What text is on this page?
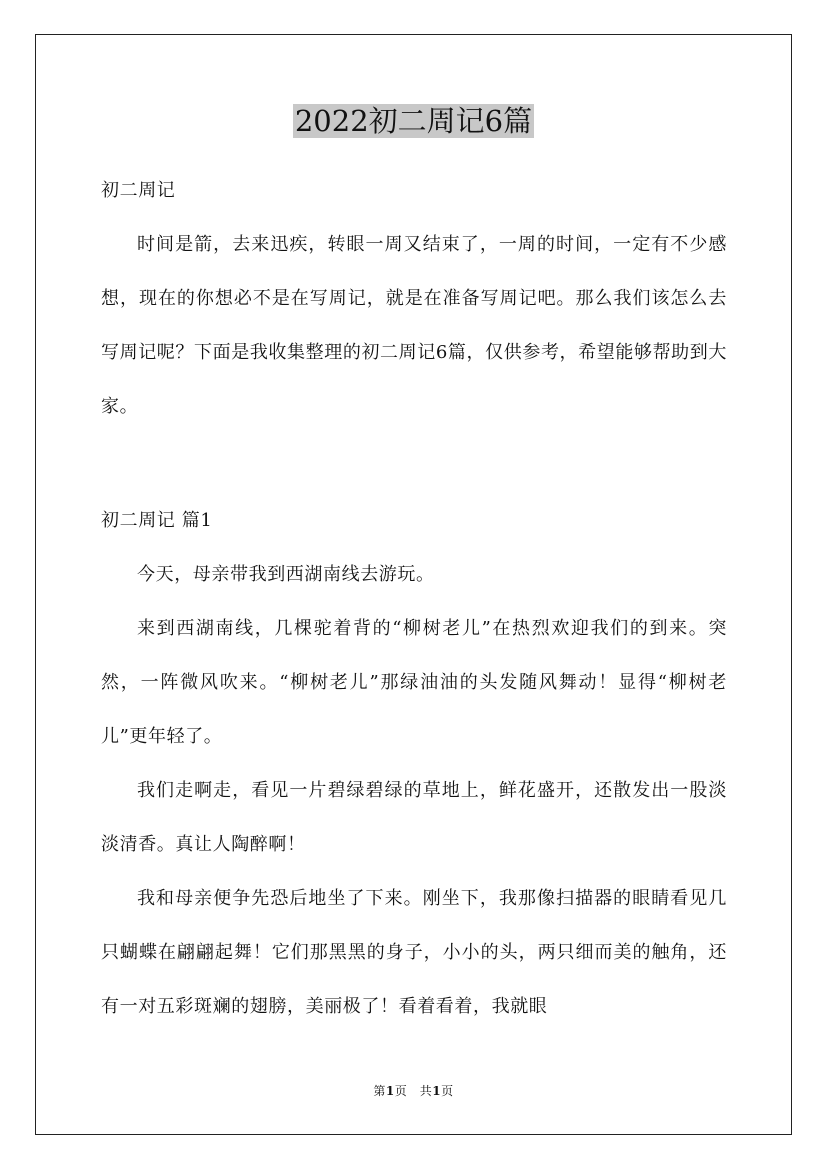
2022初二周记6篇

初二周记

时间是箭，去来迅疾，转眼一周又结束了，一周的时间，一定有不少感想，现在的你想必不是在写周记，就是在准备写周记吧。那么我们该怎么去写周记呢？下面是我收集整理的初二周记6篇，仅供参考，希望能够帮助到大家。

初二周记 篇1

今天，母亲带我到西湖南线去游玩。

来到西湖南线，几棵驼着背的“柳树老儿”在热烈欢迎我们的到来。突然，一阵微风吹来。“柳树老儿”那绿油油的头发随风舞动！显得“柳树老儿”更年轻了。

我们走啊走，看见一片碧绿碧绿的草地上，鲜花盛开，还散发出一股淡淡清香。真让人陶醉啊！

我和母亲便争先恐后地坐了下来。刚坐下，我那像扫描器的眼睛看见几只蝴蝶在翩翩起舞！它们那黑黑的身子，小小的头，两只细而美的触角，还有一对五彩斑斓的翅膀，美丽极了！看着看着，我就眼

第1页　共1页
